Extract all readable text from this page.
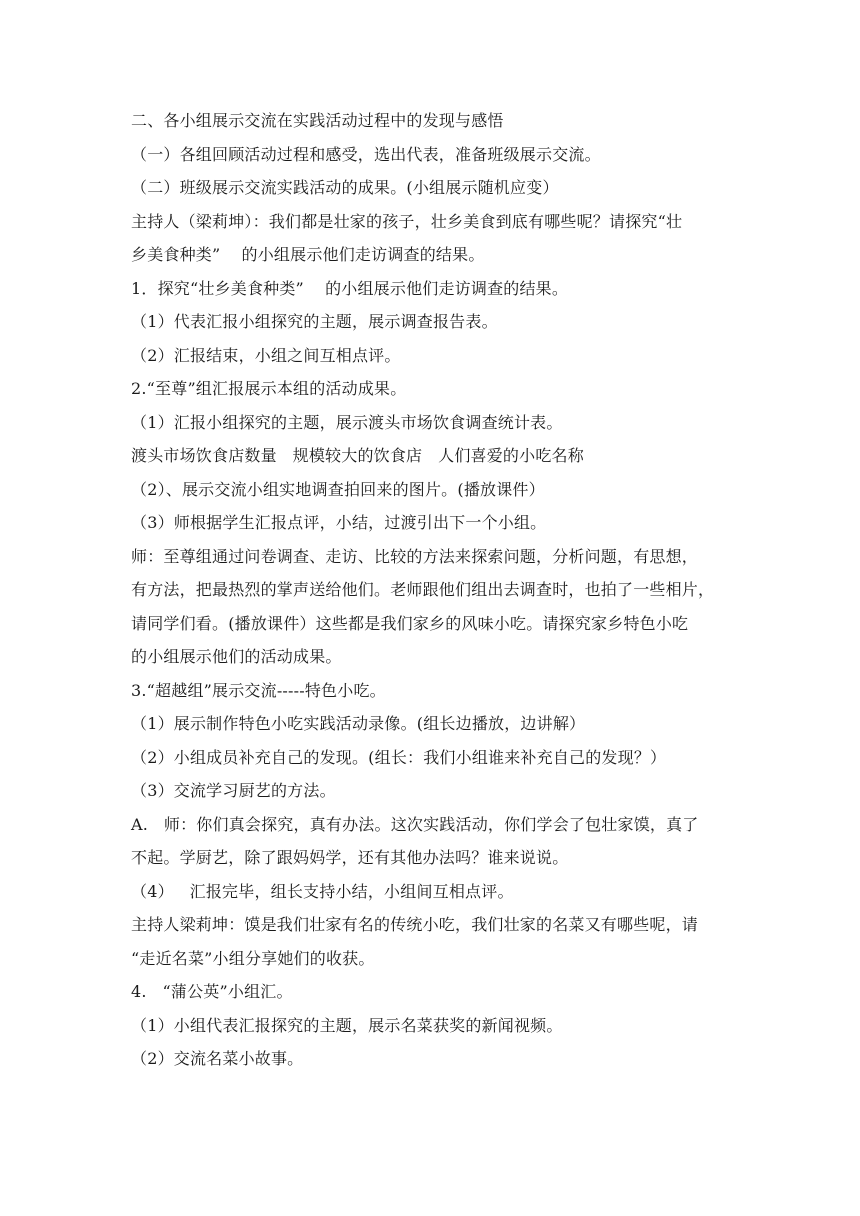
二、各小组展示交流在实践活动过程中的发现与感悟
（一）各组回顾活动过程和感受，选出代表，准备班级展示交流。
（二）班级展示交流实践活动的成果。(小组展示随机应变）
主持人（梁莉坤）：我们都是壮家的孩子，壮乡美食到底有哪些呢？请探究“壮
乡美食种类”    的小组展示他们走访调查的结果。
1．探究“壮乡美食种类”    的小组展示他们走访调查的结果。
（1）代表汇报小组探究的主题，展示调查报告表。
（2）汇报结束，小组之间互相点评。
2.“至尊”组汇报展示本组的活动成果。
（1）汇报小组探究的主题，展示渡头市场饮食调查统计表。
渡头市场饮食店数量   规模较大的饮食店   人们喜爱的小吃名称
（2）、展示交流小组实地调查拍回来的图片。(播放课件）
（3）师根据学生汇报点评，小结，过渡引出下一个小组。
师：至尊组通过问卷调查、走访、比较的方法来探索问题，分析问题，有思想，
有方法，把最热烈的掌声送给他们。老师跟他们组出去调查时，也拍了一些相片，
请同学们看。(播放课件）这些都是我们家乡的风味小吃。请探究家乡特色小吃
的小组展示他们的活动成果。
3.“超越组”展示交流-----特色小吃。
（1）展示制作特色小吃实践活动录像。(组长边播放，边讲解）
（2）小组成员补充自己的发现。(组长：我们小组谁来补充自己的发现？）
（3）交流学习厨艺的方法。
A.   师：你们真会探究，真有办法。这次实践活动，你们学会了包壮家馍，真了
不起。学厨艺，除了跟妈妈学，还有其他办法吗？谁来说说。
（4）   汇报完毕，组长支持小结，小组间互相点评。
主持人梁莉坤：馍是我们壮家有名的传统小吃，我们壮家的名菜又有哪些呢，请
“走近名菜”小组分享她们的收获。
4.   “蒲公英”小组汇。
（1）小组代表汇报探究的主题，展示名菜获奖的新闻视频。
（2）交流名菜小故事。
